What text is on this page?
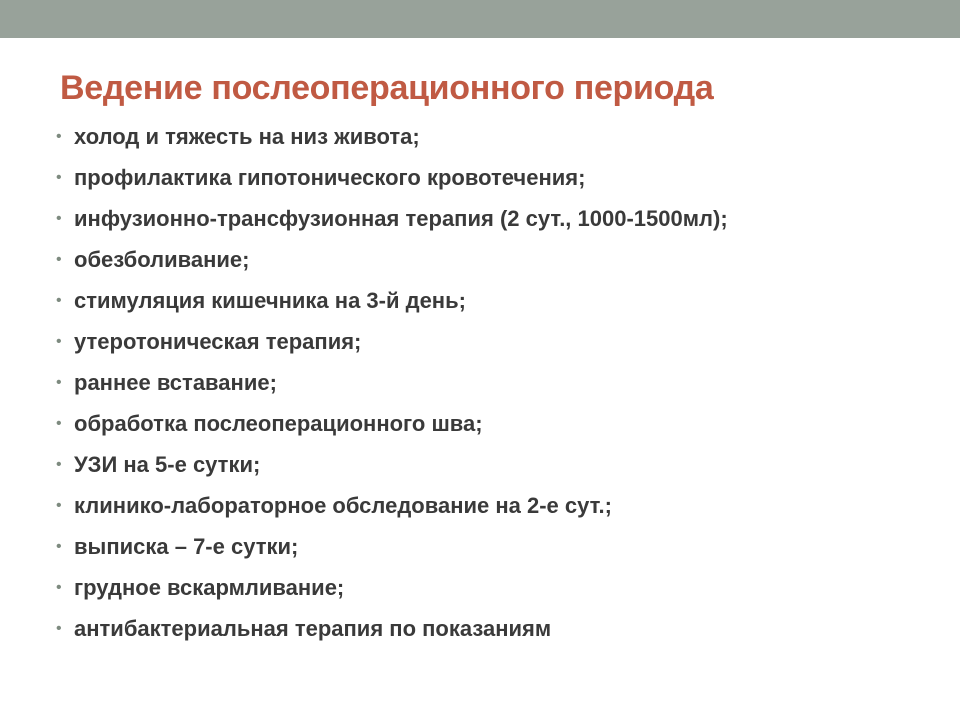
Ведение послеоперационного периода
• холод и тяжесть на низ живота;
• профилактика гипотонического кровотечения;
• инфузионно-трансфузионная терапия (2 сут., 1000-1500мл);
• обезболивание;
• стимуляция кишечника на 3-й день;
• утеротоническая терапия;
• раннее вставание;
• обработка послеоперационного шва;
• УЗИ на 5-е сутки;
• клинико-лабораторное обследование на 2-е сут.;
• выписка – 7-е сутки;
• грудное вскармливание;
• антибактериальная терапия по показаниям
